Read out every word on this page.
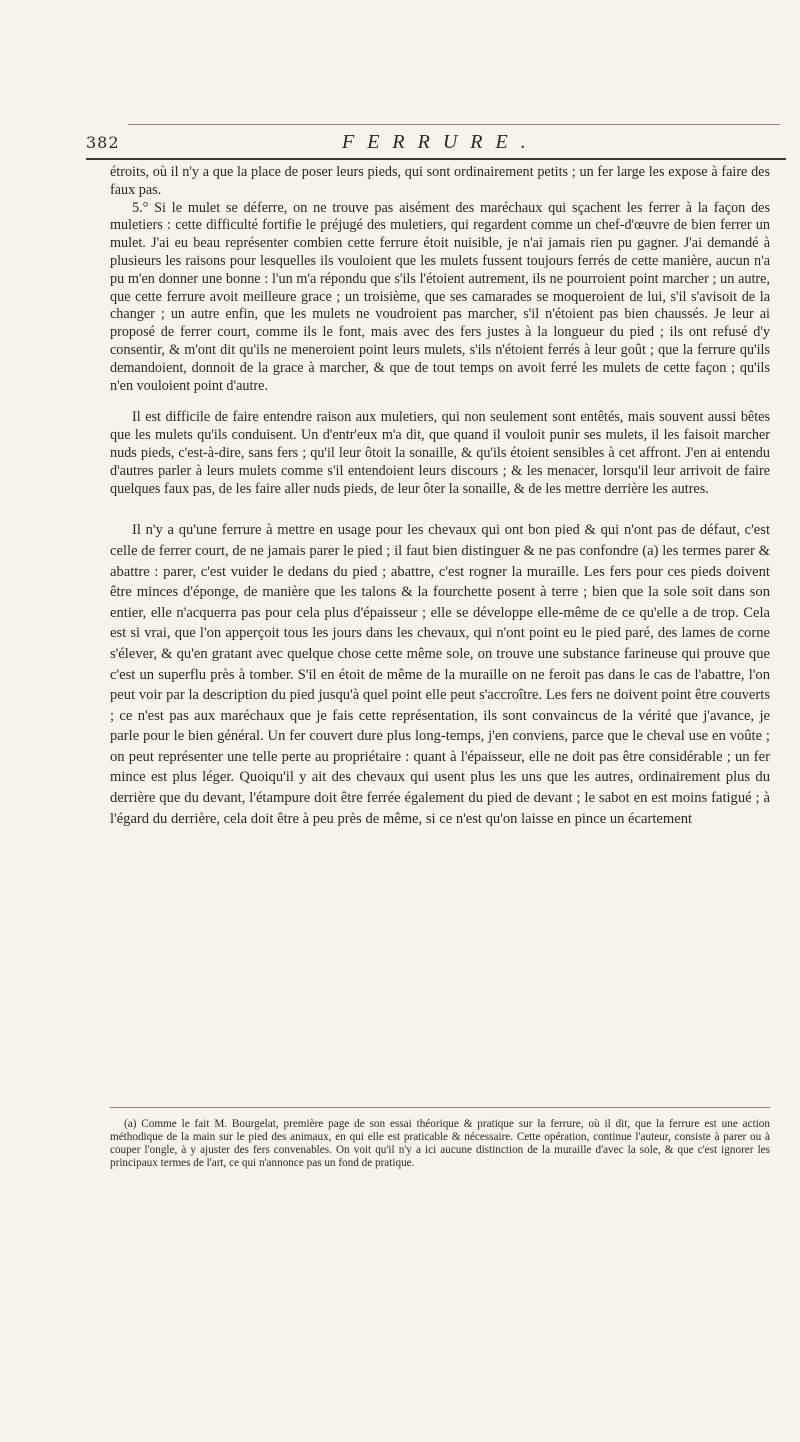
382	FERRURE.

étroits, où il n'y a que la place de poser leurs pieds, qui sont ordinairement petits ; un fer large les expose à faire des faux pas.

5.° Si le mulet se déferre, on ne trouve pas aisément des maréchaux qui sçachent les ferrer à la façon des muletiers : cette difficulté fortifie le préjugé des muletiers, qui regardent comme un chef-d'œuvre de bien ferrer un mulet. J'ai eu beau représenter combien cette ferrure étoit nuisible, je n'ai jamais rien pu gagner. J'ai demandé à plusieurs les raisons pour lesquelles ils vouloient que les mulets fussent toujours ferrés de cette manière, aucun n'a pu m'en donner une bonne : l'un m'a répondu que s'ils l'étoient autrement, ils ne pourroient point marcher ; un autre, que cette ferrure avoit meilleure grace ; un troisième, que ses camarades se moqueroient de lui, s'il s'avisoit de la changer ; un autre enfin, que les mulets ne voudroient pas marcher, s'il n'étoient pas bien chaussés. Je leur ai proposé de ferrer court, comme ils le font, mais avec des fers justes à la longueur du pied ; ils ont refusé d'y consentir, & m'ont dit qu'ils ne meneroient point leurs mulets, s'ils n'étoient ferrés à leur goût ; que la ferrure qu'ils demandoient, donnoit de la grace à marcher, & que de tout temps on avoit ferré les mulets de cette façon ; qu'ils n'en vouloient point d'autre.

Il est difficile de faire entendre raison aux muletiers, qui non seulement sont entêtés, mais souvent aussi bêtes que les mulets qu'ils conduisent. Un d'entr'eux m'a dit, que quand il vouloit punir ses mulets, il les faisoit marcher nuds pieds, c'est-à-dire, sans fers ; qu'il leur ôtoit la sonaille, & qu'ils étoient sensibles à cet affront. J'en ai entendu d'autres parler à leurs mulets comme s'il entendoient leurs discours ; & les menacer, lorsqu'il leur arrivoit de faire quelques faux pas, de les faire aller nuds pieds, de leur ôter la sonaille, & de les mettre derrière les autres.

Il n'y a qu'une ferrure à mettre en usage pour les chevaux qui ont bon pied & qui n'ont pas de défaut, c'est celle de ferrer court, de ne jamais parer le pied ; il faut bien distinguer & ne pas confondre (a) les termes parer & abattre : parer, c'est vuider le dedans du pied ; abattre, c'est rogner la muraille. Les fers pour ces pieds doivent être minces d'éponge, de manière que les talons & la fourchette posent à terre ; bien que la sole soit dans son entier, elle n'acquerra pas pour cela plus d'épaisseur ; elle se développe elle-même de ce qu'elle a de trop. Cela est si vrai, que l'on apperçoit tous les jours dans les chevaux, qui n'ont point eu le pied paré, des lames de corne s'élever, & qu'en gratant avec quelque chose cette même sole, on trouve une substance farineuse qui prouve que c'est un superflu près à tomber. S'il en étoit de même de la muraille on ne feroit pas dans le cas de l'abattre, l'on peut voir par la description du pied jusqu'à quel point elle peut s'accroître. Les fers ne doivent point être couverts ; ce n'est pas aux maréchaux que je fais cette représentation, ils sont convaincus de la vérité que j'avance, je parle pour le bien général. Un fer couvert dure plus long-temps, j'en conviens, parce que le cheval use en voûte ; on peut représenter une telle perte au propriétaire : quant à l'épaisseur, elle ne doit pas être considérable ; un fer mince est plus léger. Quoiqu'il y ait des chevaux qui usent plus les uns que les autres, ordinairement plus du derrière que du devant, l'étampure doit être ferrée également du pied de devant ; le sabot en est moins fatigué ; à l'égard du derrière, cela doit être à peu près de même, si ce n'est qu'on laisse en pince un écartement

(a) Comme le fait M. Bourgelat, première page de son essai théorique & pratique sur la ferrure, où il dit, que la ferrure est une action méthodique de la main sur le pied des animaux, en qui elle est praticable & nécessaire. Cette opération, continue l'auteur, consiste à parer ou à couper l'ongle, à y ajuster des fers convenables. On voit qu'il n'y a ici aucune distinction de la muraille d'avec la sole, & que c'est ignorer les principaux termes de l'art, ce qui n'annonce pas un fond de pratique.
